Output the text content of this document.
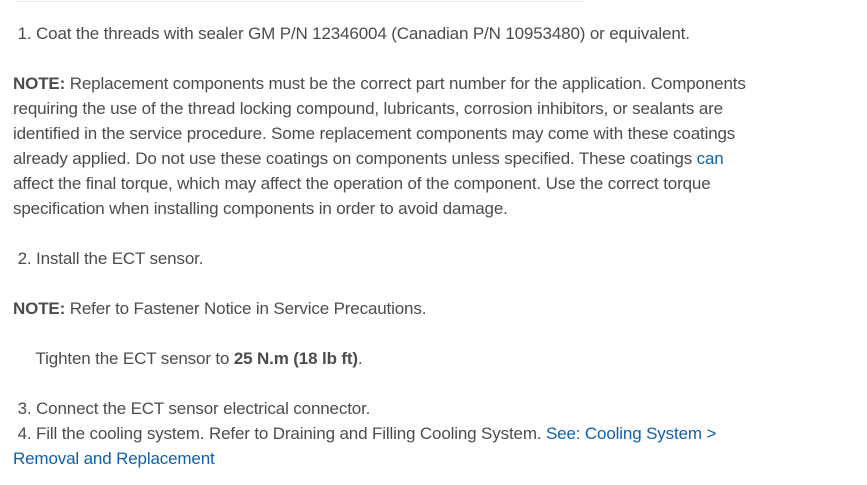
1. Coat the threads with sealer GM P/N 12346004 (Canadian P/N 10953480) or equivalent.
NOTE: Replacement components must be the correct part number for the application. Components
requiring the use of the thread locking compound, lubricants, corrosion inhibitors, or sealants are
identified in the service procedure. Some replacement components may come with these coatings
already applied. Do not use these coatings on components unless specified. These coatings can
affect the final torque, which may affect the operation of the component. Use the correct torque
specification when installing components in order to avoid damage.
2. Install the ECT sensor.
NOTE: Refer to Fastener Notice in Service Precautions.
Tighten the ECT sensor to 25 N.m (18 lb ft).
3. Connect the ECT sensor electrical connector.
4. Fill the cooling system. Refer to Draining and Filling Cooling System. See: Cooling System >
Removal and Replacement
